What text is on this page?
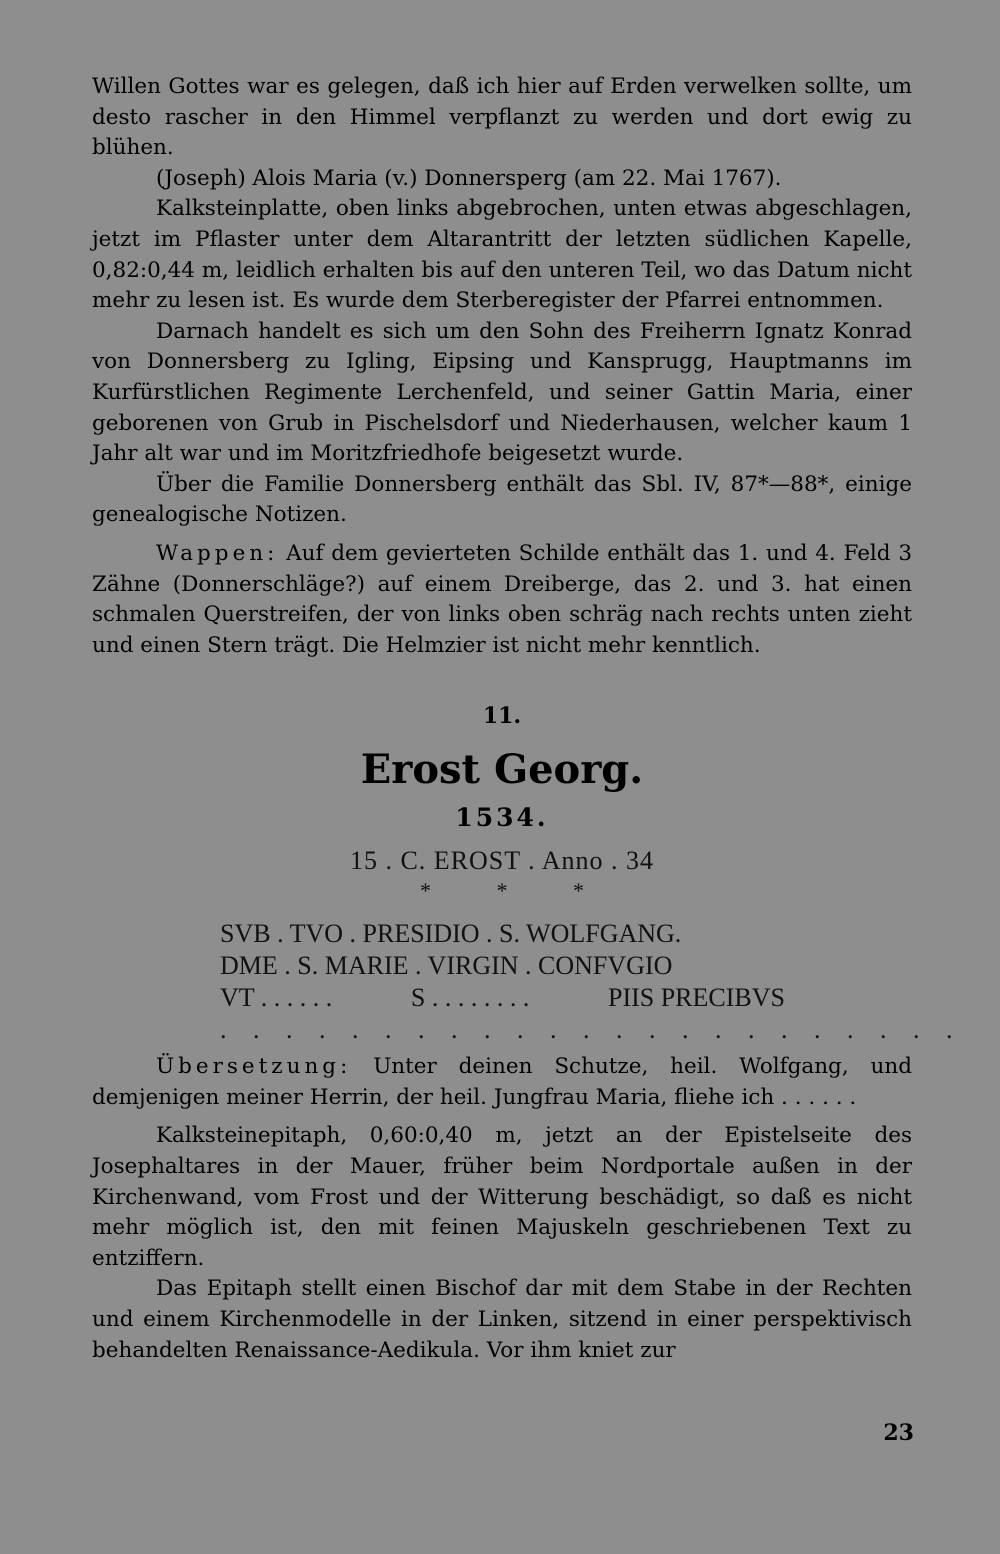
Willen Gottes war es gelegen, daß ich hier auf Erden verwelken sollte, um desto rascher in den Himmel verpflanzt zu werden und dort ewig zu blühen.

(Joseph) Alois Maria (v.) Donnersperg (am 22. Mai 1767).

Kalksteinplatte, oben links abgebrochen, unten etwas abgeschlagen, jetzt im Pflaster unter dem Altarantritt der letzten südlichen Kapelle, 0,82:0,44 m, leidlich erhalten bis auf den unteren Teil, wo das Datum nicht mehr zu lesen ist. Es wurde dem Sterberegister der Pfarrei entnommen.

Darnach handelt es sich um den Sohn des Freiherrn Ignatz Konrad von Donnersberg zu Igling, Eipsing und Kansprugg, Hauptmanns im Kurfürstlichen Regimente Lerchenfeld, und seiner Gattin Maria, einer geborenen von Grub in Pischelsdorf und Niederhausen, welcher kaum 1 Jahr alt war und im Moritzfriedhofe beigesetzt wurde.

Über die Familie Donnersberg enthält das Sbl. IV, 87*—88*, einige genealogische Notizen.

Wappen: Auf dem gevierteten Schilde enthält das 1. und 4. Feld 3 Zähne (Donnerschläge?) auf einem Dreiberge, das 2. und 3. hat einen schmalen Querstreifen, der von links oben schräg nach rechts unten zieht und einen Stern trägt. Die Helmzier ist nicht mehr kenntlich.

11.
Erost Georg.
1534.
15 . C. EROST . Anno . 34
* * *
SVB . TVO . PRESIDIO . S. WOLFGANG.
DME . S. MARIE . VIRGIN . CONFVGIO
VT . . . . . .	S . . . . . . . .	PIIS PRECIBVS
. . . . . . . . . . . . . . . . . . . . . . .

Übersetzung: Unter deinen Schutze, heil. Wolfgang, und demjenigen meiner Herrin, der heil. Jungfrau Maria, fliehe ich . . . . . .

Kalksteinepitaph, 0,60:0,40 m, jetzt an der Epistelseite des Josephaltares in der Mauer, früher beim Nordportale außen in der Kirchenwand, vom Frost und der Witterung beschädigt, so daß es nicht mehr möglich ist, den mit feinen Majuskeln geschriebenen Text zu entziffern.

Das Epitaph stellt einen Bischof dar mit dem Stabe in der Rechten und einem Kirchenmodelle in der Linken, sitzend in einer perspektivisch behandelten Renaissance-Aedikula. Vor ihm kniet zur

23
